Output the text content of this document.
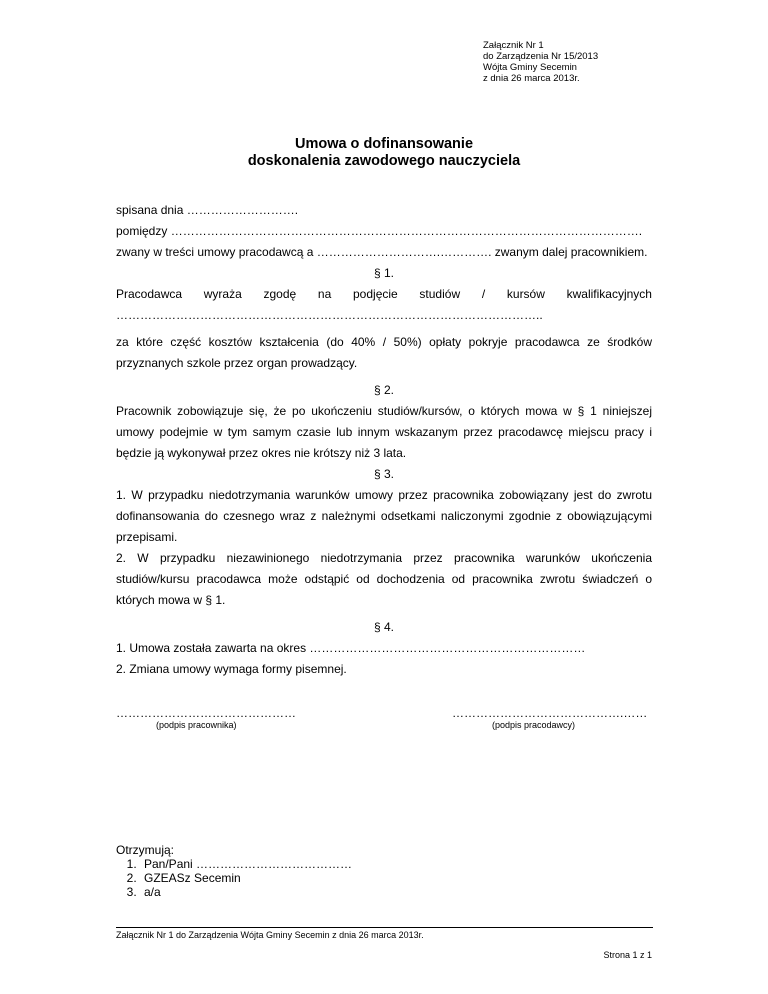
Załącznik Nr 1
do Zarządzenia Nr 15/2013
Wójta Gminy Secemin
z dnia 26 marca 2013r.
Umowa o dofinansowanie
doskonalenia zawodowego nauczyciela
spisana dnia ……………………….
pomiędzy ……………………………………………………………………………………………………….
zwany w treści umowy pracodawcą a ………………………….…………. zwanym dalej pracownikiem.
§ 1.
Pracodawca wyraża zgodę na podjęcie studiów / kursów kwalifikacyjnych
……………………………………………………………………………………………..
za które część kosztów kształcenia (do 40% / 50%) opłaty pokryje pracodawca ze środków przyznanych szkole przez organ prowadzący.
§ 2.
Pracownik zobowiązuje się, że po ukończeniu studiów/kursów, o których mowa w § 1 niniejszej umowy podejmie w tym samym czasie lub innym wskazanym przez pracodawcę miejscu pracy i będzie ją wykonywał przez okres nie krótszy niż 3 lata.
§ 3.
1. W przypadku niedotrzymania warunków umowy przez pracownika zobowiązany jest do zwrotu dofinansowania do czesnego wraz z należnymi odsetkami naliczonymi zgodnie z obowiązującymi przepisami.
2. W przypadku niezawinionego niedotrzymania przez pracownika warunków ukończenia studiów/kursu pracodawca może odstąpić od dochodzenia od pracownika zwrotu świadczeń o których mowa w § 1.
§ 4.
1. Umowa została zawarta na okres ……………………………………………………………
2. Zmiana umowy wymaga formy pisemnej.
………………………………………
(podpis pracownika)
…………………………………….……
(podpis pracodawcy)
Otrzymują:
1. Pan/Pani …………………………………
2. GZEASz Secemin
3. a/a
Załącznik Nr 1 do Zarządzenia Wójta Gminy Secemin z dnia 26 marca 2013r.
Strona 1 z 1
